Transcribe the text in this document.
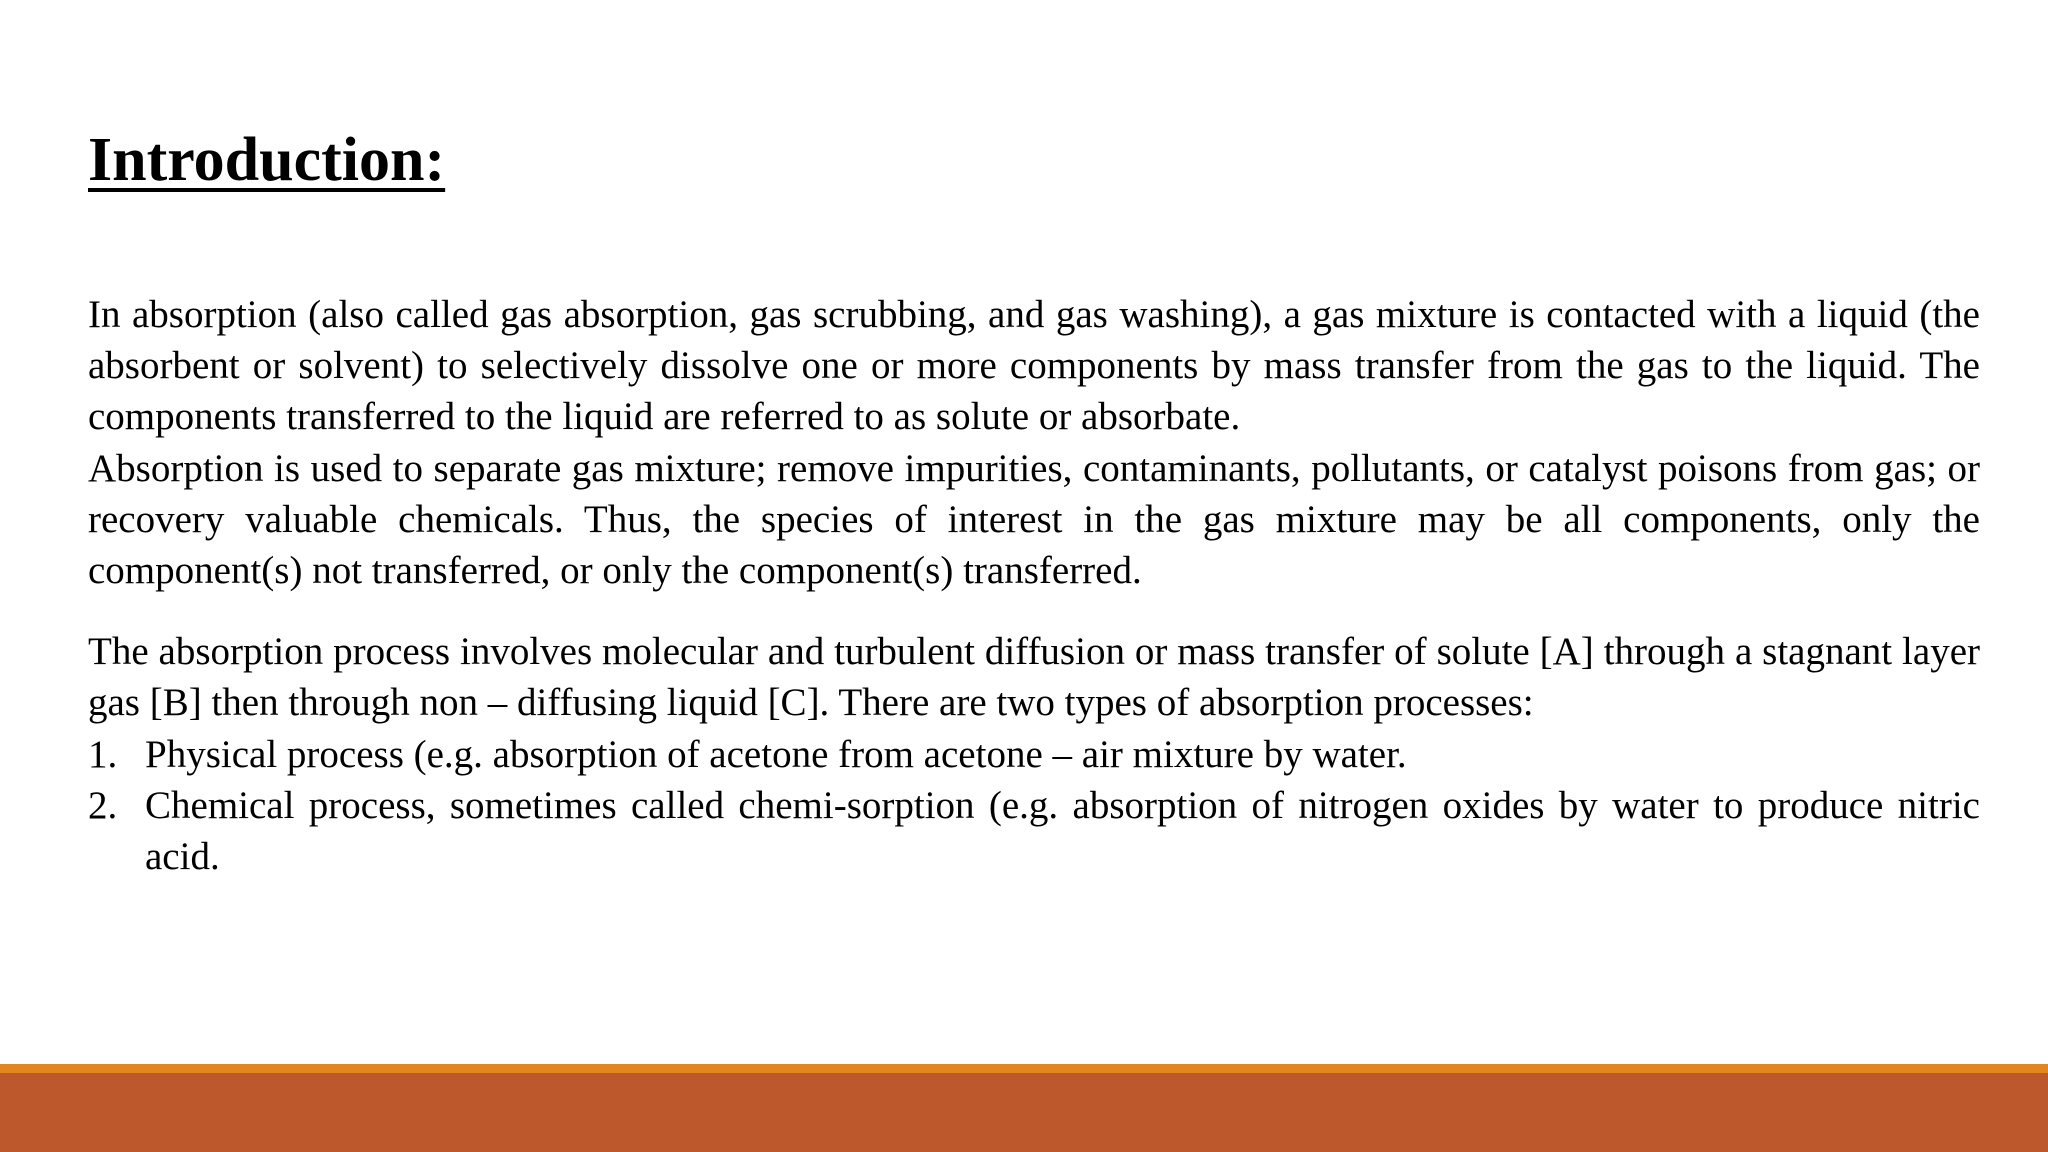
Introduction:

In absorption (also called gas absorption, gas scrubbing, and gas washing), a gas mixture is contacted with a liquid (the absorbent or solvent) to selectively dissolve one or more components by mass transfer from the gas to the liquid. The components transferred to the liquid are referred to as solute or absorbate.

Absorption is used to separate gas mixture; remove impurities, contaminants, pollutants, or catalyst poisons from gas; or recovery valuable chemicals. Thus, the species of interest in the gas mixture may be all components, only the component(s) not transferred, or only the component(s) transferred.

The absorption process involves molecular and turbulent diffusion or mass transfer of solute [A] through a stagnant layer gas [B] then through non – diffusing liquid [C]. There are two types of absorption processes:

1. Physical process (e.g. absorption of acetone from acetone – air mixture by water.
2. Chemical process, sometimes called chemi-sorption (e.g. absorption of nitrogen oxides by water to produce nitric acid.
